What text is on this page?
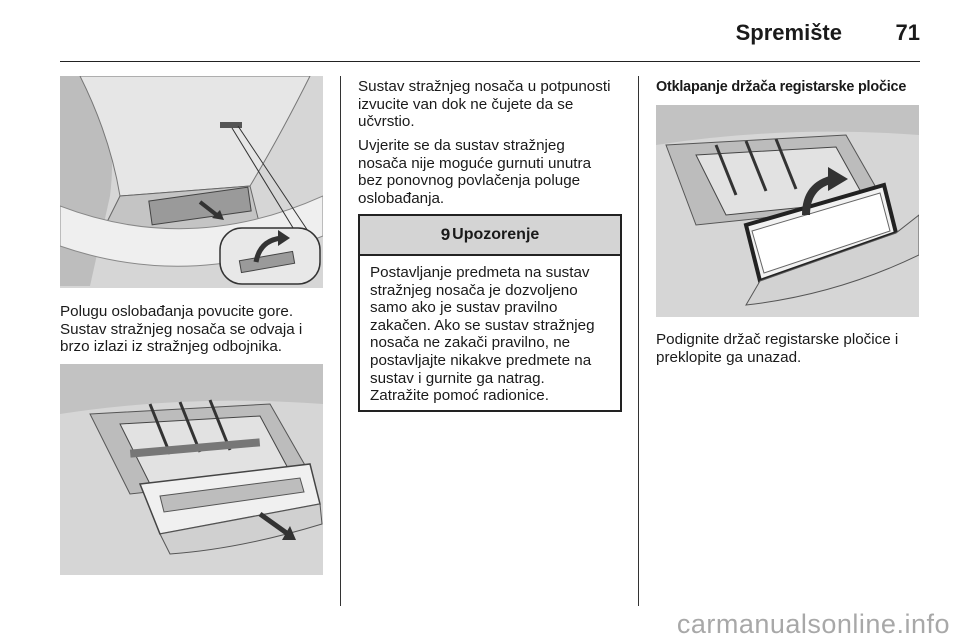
Spremište 71
Polugu oslobađanja povucite gore.
Sustav stražnjeg nosača se odvaja i
brzo izlazi iz stražnjeg odbojnika.
Sustav stražnjeg nosača u potpunosti
izvucite van dok ne čujete da se
učvrstio.
Uvjerite se da sustav stražnjeg
nosača nije moguće gurnuti unutra
bez ponovnog povlačenja poluge
oslobađanja.
9 Upozorenje
Postavljanje predmeta na sustav
stražnjeg nosača je dozvoljeno
samo ako je sustav pravilno
zakačen. Ako se sustav stražnjeg
nosača ne zakači pravilno, ne
postavljajte nikakve predmete na
sustav i gurnite ga natrag.
Zatražite pomoć radionice.
Otklapanje držača registarske pločice
Podignite držač registarske pločice i
preklopite ga unazad.
carmanualsonline.info
